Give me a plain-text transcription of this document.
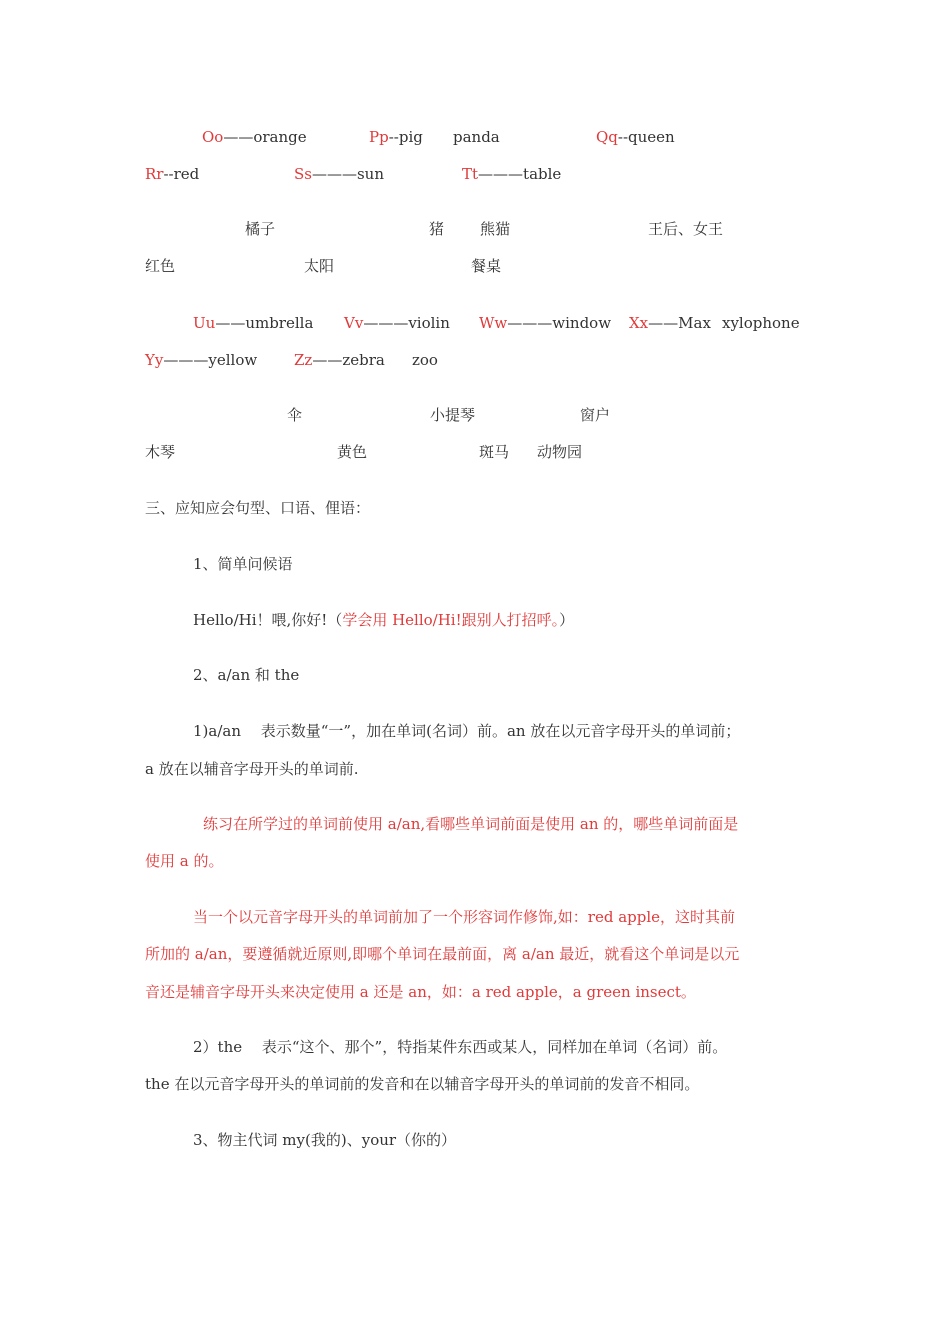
Oo——orange	Pp--pig panda	Qq--queen
Rr--red	Ss———sun	Tt———table
橘子	猪 熊猫	王后、女王
红色	太阳	餐桌
Uu——umbrella Vv———violin Ww———window Xx——Max xylophone
Yy———yellow Zz——zebra zoo
伞	小提琴	窗户
木琴	黄色	斑马 动物园
三、应知应会句型、口语、俚语：
1、简单问候语
Hello/Hi！喂,你好!（学会用 Hello/Hi!跟别人打招呼。）
2、a/an 和 the
1)a/an　 表示数量“一”，加在单词(名词）前。an 放在以元音字母开头的单词前；
a 放在以辅音字母开头的单词前.
练习在所学过的单词前使用 a/an,看哪些单词前面是使用 an 的，哪些单词前面是
使用 a 的。
当一个以元音字母开头的单词前加了一个形容词作修饰,如：red apple，这时其前
所加的 a/an，要遵循就近原则,即哪个单词在最前面，离 a/an 最近，就看这个单词是以元
音还是辅音字母开头来决定使用 a 还是 an，如：a red apple，a green insect。
2）the　 表示“这个、那个”，特指某件东西或某人，同样加在单词（名词）前。
the 在以元音字母开头的单词前的发音和在以辅音字母开头的单词前的发音不相同。
3、物主代词 my(我的)、your（你的）
